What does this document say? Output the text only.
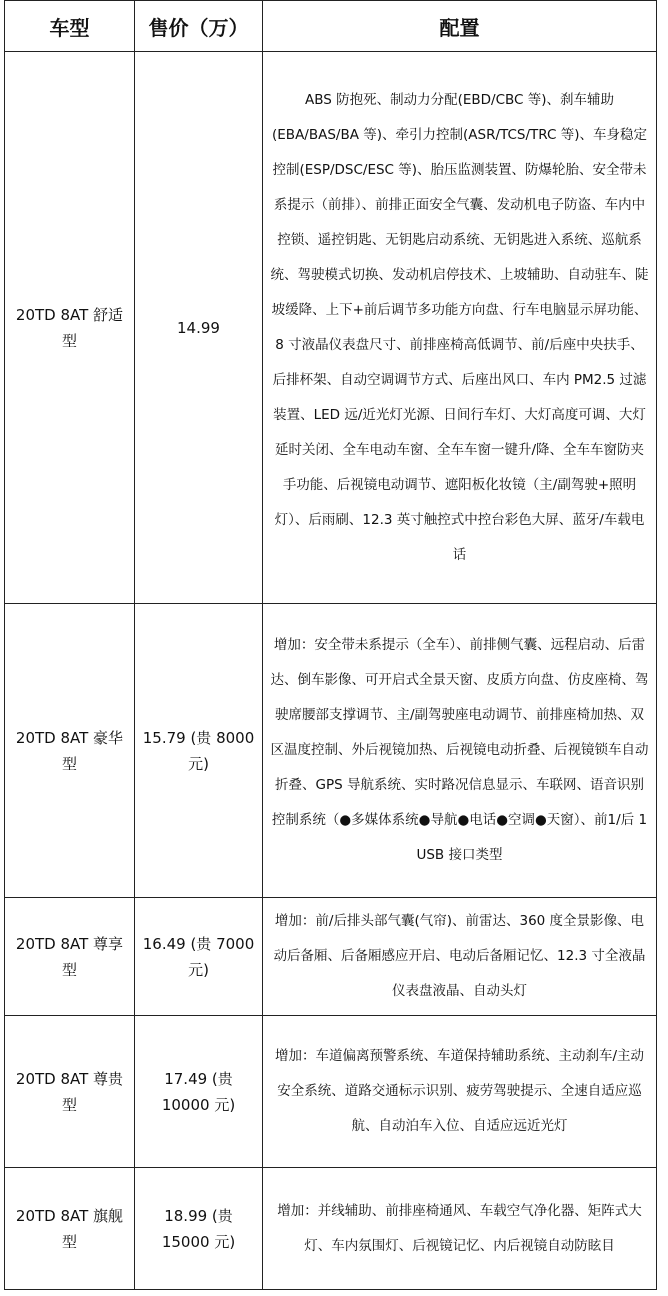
车型	售价（万）	配置
20TD 8AT 舒适型	14.99	ABS 防抱死、制动力分配(EBD/CBC 等)、刹车辅助(EBA/BAS/BA 等)、牵引力控制(ASR/TCS/TRC 等)、车身稳定控制(ESP/DSC/ESC 等)、胎压监测装置、防爆轮胎、安全带未系提示（前排）、前排正面安全气囊、发动机电子防盗、车内中控锁、遥控钥匙、无钥匙启动系统、无钥匙进入系统、巡航系统、驾驶模式切换、发动机启停技术、上坡辅助、自动驻车、陡坡缓降、上下+前后调节多功能方向盘、行车电脑显示屏功能、8 寸液晶仪表盘尺寸、前排座椅高低调节、前/后座中央扶手、后排杯架、自动空调调节方式、后座出风口、车内 PM2.5 过滤装置、LED 远/近光灯光源、日间行车灯、大灯高度可调、大灯延时关闭、全车电动车窗、全车车窗一键升/降、全车车窗防夹手功能、后视镜电动调节、遮阳板化妆镜（主/副驾驶+照明灯）、后雨刷、12.3 英寸触控式中控台彩色大屏、蓝牙/车载电话
20TD 8AT 豪华型	15.79 (贵 8000 元)	增加：安全带未系提示（全车）、前排侧气囊、远程启动、后雷达、倒车影像、可开启式全景天窗、皮质方向盘、仿皮座椅、驾驶席腰部支撑调节、主/副驾驶座电动调节、前排座椅加热、双区温度控制、外后视镜加热、后视镜电动折叠、后视镜锁车自动折叠、GPS 导航系统、实时路况信息显示、车联网、语音识别控制系统（●多媒体系统●导航●电话●空调●天窗）、前1/后 1 USB 接口类型
20TD 8AT 尊享型	16.49 (贵 7000 元)	增加：前/后排头部气囊(气帘)、前雷达、360 度全景影像、电动后备厢、后备厢感应开启、电动后备厢记忆、12.3 寸全液晶仪表盘液晶、自动头灯
20TD 8AT 尊贵型	17.49 (贵 10000 元)	增加：车道偏离预警系统、车道保持辅助系统、主动刹车/主动安全系统、道路交通标示识别、疲劳驾驶提示、全速自适应巡航、自动泊车入位、自适应远近光灯
20TD 8AT 旗舰型	18.99 (贵 15000 元)	增加：并线辅助、前排座椅通风、车载空气净化器、矩阵式大灯、车内氛围灯、后视镜记忆、内后视镜自动防眩目
